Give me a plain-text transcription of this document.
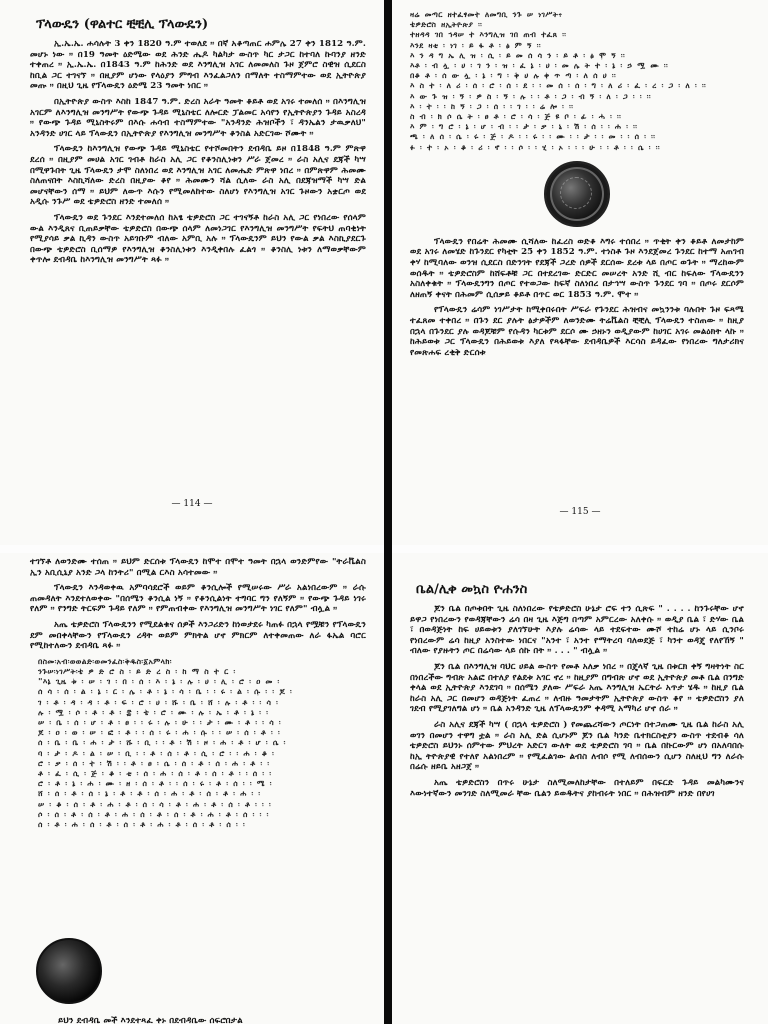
ፕላውዴን (ዋልተር ቺቺሊ ፕላውዴን)

ኢ.ኤ.ኤ. ሐሳሉት 3 ቀን 1820 ዓ.ም ተወለደ ። በኛ አቆጣጠር ሐምሌ 27 ቀን 1812 ዓ.ም. መሆኑ ነው ። በ19 ዓመት ዕድሜው ወደ ሕንድ ሔዶ ካልካታ ውስጥ ካር ታጋር ከተባለ ኩባንያ ዘንድ ተቀጠረ ። ኢ.ኤ.ኤ. በ1843 ዓ.ም ከሕንድ ወደ እንግሊዝ አገር ለመመለስ ጉዞ ጀምሮ ስዊዝ ሲደርስ ከቢል ጋር ተገናኘ ። በዚያም ሆነው የላዕያን ምግብ እንፈልጋለን በማለት ተስማምተው ወደ ኢትዮጵያ መጡ ። በዚህ ጊዜ የፕላውዴን ዕድሜ 23 ዓመት ነበር ።

በኢትዮጵያ ውስጥ እስከ 1847 ዓ.ም. ድረስ አራት ዓመት ቆይቶ ወደ አገሩ ተመለሰ ። በእንግሊዝ አገርም ለእንግሊዝ መንግሥት የውጭ ጉዳይ ሚኒስቴር ለሎርድ ፓልመር አሳየን የኢትዮጵያን ጉዳይ አስረዳ ። የውጭ ጉዳይ ሚኒስትሩም በእሱ ሐሳብ ተስማምተው "አንዳንድ ሕዝቦችን ፣ ዳንኤልን ታዉቃለህ" አንዳንድ ሀገር ላይ ፕላውዴን በኢትዮጵያ የእንግሊዝ መንግሥት ቆንስል አድርገው ሾሙት ።

ፕላውዴን ከእንግሊዝ የውጭ ጉዳይ ሚኒስቴር የተሾመበትን ደብዳቤ ይዞ በ1848 ዓ.ም ምጽዋ ደረሰ ። በዚያም መሀል አገር ገብቶ ከራስ አሊ ጋር የቆንስሊነቱን ሥራ ጀመረ ። ራስ አሊና ደጃች ካሣ በሚዋጉበት ጊዜ ፕላውዴን ታሞ ስለነበረ ወደ እንግሊዝ አገር ለመሔድ ምጽዋ ነበረ ። በምጽዋም ሕመሙ ስለጠናበት እስኪሻለው ድረስ በዚያው ቆየ ። ሕመሙን ሻል ሲለው ራስ አሊ በደጃዝማች ካሣ ድል መሆናቸውን ሰማ ። ይህም ለውጥ እሱን የሚመለከተው ስለሆነ የእንግሊዝ አገር ጉዞውን አቋርጦ ወደ አዲሱ ንጉሥ ወደ ቴዎድሮስ ዘንድ ተመለሰ ።

ፕላውዴን ወደ ጉንደር እንደተመለሰ ከአፄ ቴዎድሮስ ጋር ተገናኝቶ ከራስ አሊ ጋር የነበረው የሰላም ውል እንዲጸና ቢጠይቃቸው ቴዎድሮስ በውጭ ሰላም ለመነጋገር የእንግሊዝ መንግሥት የፍትህ ጠባቂነት የሚያሳይ ቃል ኪዳን ውስጥ አይገቡም ብለው አምቢ አሉ ። ፕላውዴንም ይህን የውል ቃል እስኪያደርጉ በውጭ ቴዎድሮስ ቢሰማዎ የእንግሊዝ ቆንስሊነቱን እንዲቀበሉ ፈልጎ ። ቆንስሊ ነቱን ለማወቃቸውም ቀጥሎ ደብዳቤ ከእንግሊዝ መንግሥት ጻፉ ።

— 114 —
ዛሬ መጣር ዘተፈፃመተ ለመግቢ ንጉ ሠ ነገሥት፥
ቴዎድሮስ ዘኢትዮጵያ ፡፡
ተዘዳዳ ገበ ኅዳሠ ተ እንግሊዝ ገበ ጠብ ተፈጸ ፡፡
እንደ ዛቲ ፡ ነገ ፡ ይ ፋ ቶ ፡ ፅ ም ኝ ፡፡
እ ን ዳ ግ ኤ ሊ ዝ ፡ ሲ ፡ ይ መ ሰ ሳ ን ፡ ይ ቶ ፡ ፅ ሞ ኝ ፡፡
እቶ ፡ ብ ሏ ፡ ሀ ፡ ገ ን ፡ ዝ ፡ ፈ ኔ ፡ ሀ ፡ መ ሌ ት ተ ፡ ኔ ፡ ኃ ሟ ሙ ፡፡
በቆ ቶ ፡ ሰ ው ሏ ፡ ኔ ፡ ግ ፡ ቅ ሀ ሉ ቀ ጥ ጣ ፡ ለ ሰ ሀ ፡፡
እ ስ ተ ፡ ለ ሪ ፡ ሰ ፡ ሮ ፡ ሰ ፡ ደ ፡ ፡ መ ሰ ፡ ሰ ፡ ግ ፡ ለ ሪ ፡ ፈ ፡ ረ ፡ ጋ ፡ ለ ፡ ፡፡
እ ው ጉ ዝ ፡ ኝ ፡ ዎ ስ ፡ ኝ ፡ ሉ ፡ ፡ ቶ ፡ ጋ ፡ ብ ኝ ፡ ለ ፡ ጋ ፡ ፡ ፡፡
እ ፡ ተ ፡ ፡ ከ ኝ ፡ ጋ ፡ ሰ ፡ ፡ ገ ፡ ፡ ሬ ሎ ፡ ፡፡
ስ ብ ፡ ክ ሶ ሴ ት ፡ ፀ ቶ ፡ ሮ ፡ ሳ ፡ ጅ ዩ ቦ ፡ ፊ ፡ ሓ ፡ ፡፡
እ ም ፡ ግ ሮ ፡ ኔ ፡ ሆ ፡ ብ ፡ ፡ ታ ፡ ቃ ፡ ኒ ፡ ሽ ፡ ሰ ፡ ፡ ሐ ፡ ፡፡
ጫ ፡ ለ ሰ ፡ ሴ ፡ ሩ ፡ ጅ ፡ ዶ ፡ ፡ ሩ ፡ ፡ ሙ ፡ ፡ ታ ፡ ፡ መ ፡ ፡ ሰ ፡ ፡፡
ፉ ፡ ተ ፡ ኦ ፡ ቆ ፡ ሪ ፡ ኖ ፡ ፡ ሶ ፡ ፡ ሂ ፡ ኦ ፡ ፡ ፡ ሁ ፡ ፡ ቶ ፡ ፡ ሴ ፡ ፡፡

ፕላውዴን የበሬት ሕመሙ ሲሻለው ከፈረስ ወድቆ እግሩ ተሰበረ ። ጥቂት ቀን ቆይቶ ለመታከም ወደ አገሩ ለመሄድ ከጉንደር የካቲት 25 ቀን 1852 ዓ.ም. ተነስቶ ጉዞ እንደጀመረ ጉንደር ከተማ አጠገብ ቀሃ ከሚባለው ወንዝ ሲደርስ በድንገት የደጃች ጋረድ ሰዎች ደርሰው ደረቱ ላይ በጦር ወጉት ። ማረከውም ወሰዱት ። ቴዎድሮስም ከሸፍቶቹ ጋር በተደረገው ድርድር መሠረት አንድ ሺ ብር ከፍለው ፕላውዴንን አስለቀቁት ። ፕላውዴንግን በጦር የተወጋው ከፍኛ ስለነበረ በታኅሣ ውስጥ ጉንደር ገባ ። በጦሩ ደርሶም ለዘጠኝ ቀናት በሕመም ሲሰቃይ ቆይቶ በጥር ወር 1853 ዓ.ም. ሞተ ።

የፕላውዴን ሬሳም ነገሥታት ከሚቀበሩበት ሥፍራ የጉንደር ሕዝብና መኳንንቱ ባሉበት ጉዞ ፍጻሜ ተፈጸመ ተቀበረ ። በጉን ደር ያሉት ፅታዎችም ለወንድሙ ትሬቬልስ ቺቺሊ ፕላውዴን ተስጠው ። ከዚያ በኋላ በጉንደር ያሉ ወዳጆቹም የሱዳን ካርቱም ደርሶ ሙ ኃዘኑን ወዲያውም ከሀገር አገሩ መልዕክት ላኩ ። ከሕይወቱ ጋር ፕላውዴን በሕይወቱ እያለ የጻፋቸው ደብዳቤዎች እርሳስ ይዳፈው የነበረው ግለታሪክና የመጽሐፍ ረቂቅ ድርሰቱ

— 115 —

ተገኘቶ ለወንድሙ ተሰጠ ። ይህም ድርሰቱ ፕላውዴን ከሞተ በሞተ ዓመት በኋላ ወንድምየው "ትራቬልስ ኢን አቢሲኒያ አንድ ጋላ ከንትሪ" በሚል ርእስ አሳተመው ።

ፕላውዴን እንዳወቀዉ አምባሳደሮች ወይም ቆንሲሎች የሚሠሩው ሥራ አልነበረውም ። ራሱ ጠመዳለት እንደተለወቀው "በሰሜን ቆንሲል ነኝ ። የቆንሲልነት ተግባር ግን የለኝም ። የውጭ ጉዳይ ነገሩ የለም ። የንግድ ትርፍም ጉዳይ የለም ። የምጠብቀው የእንግሊዝ መንግሥት ነገር የለም" ብሏል ።

አጤ ቴዎድሮስ ፕላውዴንን የሚደልቁና ሰዎች እንጋሪድን ከነወታደሩ ካጠፉ በኋላ የሟቹን የፕላውዴን ደም መበቀላቸውን የፕላውዴን ረዳት ወይም ምክትል ሆኖ ምክርም ለተቀመጠው ለራ ፋኤል ባሮር የሚከተለውን ደብዳቤ ጻፉ ።

በስመ፡አብ፡ወወልድ፡ወመንፈስ፡ቅዱስ፡፩አምላክ፡
ንጉሠ፡ነገሥት፡ቴ ዎ ድ ሮ ስ ፡ ይ ድ ረ ስ ፡ ከ ማ ስ ተ ር ፡
"እኔ ጊዜ ቱ ፡ ሠ ፡ ገ ፡ በ ፡ ሰ ፡ እ ፡ ኔ ፡ ሉ ፡ ሀ ፡ ሊ ፡ ሮ ፡ ዐ መ ፡
ሰ ሳ ፡ ሰ ፡ ል ፡ ኔ ፡ ር ፡ ሌ ፡ ቶ ፡ ኔ ፡ ሳ ፡ ቤ ፡ ፡ ሩ ፡ ል ፡ ሱ ፡ ፡ ጆ ፡
ገ ፡ ቶ ፡ ዳ ፡ ዳ ፡ ቶ ፡ ፍ ፡ ሮ ፡ ሀ ፡ ሹ ፡ ቤ ፡ ሸ ፡ ሉ ፡ ቶ ፡ ፡ ሳ ፡
ሉ ፡ ሟ ፡ ሶ ፡ ቶ ፡ ቶ ፡ ፰ ፡ ቴ ፡ ሮ ፡ ሙ ፡ ሉ ፡ ኤ ፡ ቶ ፡ ኔ ፡ ፡
ሠ ፡ ቤ ፡ ሰ ፡ ሆ ፡ ቶ ፡ ፀ ፡ ፡ ሩ ፡ ሉ ፡ ሁ ፡ ፡ ታ ፡ ሙ ፡ ቶ ፡ ፡ ሳ ፡
ጆ ፡ ዐ ፡ ወ ፡ ሠ ፡ ፎ ፡ ቶ ፡ ፡ ሰ ፡ ሩ ፡ ሐ ፡ ሱ ፡ ፡ ሠ ፡ ሰ ፡ ቶ ፡ ፡
ሰ ፡ ቤ ፡ ቤ ፡ ሐ ፡ ታ ፡ ሹ ፡ ቢ ፡ ፡ ቶ ፡ ሽ ፡ ዞ ፡ ሐ ፡ ቶ ፡ ሆ ፡ ሴ ፡
ባ ፡ ታ ፡ ዶ ፡ ል ፡ ሠ ፡ ቢ ፡ ፡ ቶ ፡ ሰ ፡ ቶ ፡ ሲ ፡ ሮ ፡ ፡ ሐ ፡ ቆ ፡
ሮ ፡ ቃ ፡ ሰ ፡ ተ ፡ ሽ ፡ ፡ ቶ ፡ ፀ ፡ ሴ ፡ ሰ ፡ ቶ ፡ ሰ ፡ ሐ ፡ ቶ ፡ ፡
ቶ ፡ ፈ ፡ ሲ ፡ ጅ ፡ ቆ ፡ ቲ ፡ ሰ ፡ ሐ ፡ ሰ ፡ ቶ ፡ ሰ ፡ ቶ ፡ ፡ ሰ ፡ ፡
ሮ ፡ ቶ ፡ ኔ ፡ ሐ ፡ ሙ ፡ ዘ ፡ ሰ ፡ ቶ ፡ ፡ ሰ ፡ ሩ ፡ ቶ ፡ ሰ ፡ ፡ ሜ ፡
ሸ ፡ ሰ ፡ ቶ ፡ ሰ ፡ ኔ ፡ ቶ ፡ ቶ ፡ ሰ ፡ ሐ ፡ ቶ ፡ ሰ ፡ ቶ ፡ ሐ ፡ ፡
ሠ ፡ ቆ ፡ ሰ ፡ ቶ ፡ ሐ ፡ ቶ ፡ ሰ ፡ ሳ ፡ ቶ ፡ ሐ ፡ ቶ ፡ ሰ ፡ ቶ ፡ ፡ ፡
ሶ ፡ ሰ ፡ ቶ ፡ ሰ ፡ ቶ ፡ ሐ ፡ ሰ ፡ ቶ ፡ ሰ ፡ ቶ ፡ ሐ ፡ ቶ ፡ ሰ ፡ ፡ ፡
ሰ ፡ ቶ ፡ ሐ ፡ ሰ ፡ ቶ ፡ ሰ ፡ ቶ ፡ ሐ ፡ ቶ ፡ ሰ ፡ ቶ ፡ ሰ ፡ ፡
ይህን ደብዳቤ መች እንደተጻፈ ቀኑ በደብዳቤው ሰፍሮበታል
ቤል/ሊቀ መኳስ ዮሐንስ

ጆን ቤል በጦቱበት ጊዜ ስለነበረው የቴዎድሮስ ሁኔታ ሮፍ ተን ሲጽፍ " . . . . ከንጉሩቸው ሆኖ ይዋጋ የነበረውን የወዳጃቸውን ሬሳ በዛ ጊዜ እጅግ በጣም አምርረው አለቀሱ ። ወዲያ ቤል ፣ ድሃው ቤል ፣ በወዳጅነት ከፍ ሀይወቱን ያለገኘሁት እያሉ ሬሳው ላይ ተደፍተው ሙሾ ተከሬ ሆኑ ላይ ሲንቦሩ የነበረውም ሬሳ ከዚያ አንስተው ነበርና "አንተ ፣ አንተ የማትረባ ባለወደጅ ፣ ካንተ ወዳጄ የለየኸኝ " ብለው የያዙትን ጦር በሬሳው ላይ ሰኩ በት ። . . . " ብሏል ።

ጆን ቤል በእንግሊዝ ባህር ሀይል ውስጥ የመቶ አለቃ ነበረ ። በጄላኛ ጊዜ በቱርክ ቀኝ ግዛትነት ስር በነበረችው ግብጽ አልፎ በተለያ የልደቱ አገር ኖረ ። ከዚያም በግብጽ ሆኖ ወደ ኢትዮጵያ መቶ ቤል በንግድ ቀላል ወደ ኢትዮጵያ እንደገባ ። በሰሜን ያለው ሥፍራ አጤ እንግሊዝ ኤርትራ አጥታ ሄዱ ። ከዚያ ቤል ከራስ አሊ ጋር በመሆን ወዳጅነት ፈጠረ ። ለብዙ ዓመታትም ኢትዮጵያ ውስጥ ቆየ ። ቴዎድሮስን ያለ ገደብ የሚያገለግል ሆነ ። ቤል አንዳንድ ጊዜ ለፕላውዴንም ቀዳሚ አማካሪ ሆኖ ሰራ ።

ራስ አሊና ደጃች ካሣ ( በኋላ ቴዎድሮስ ) የመጨረሻውን ጦርነት በተጋጠሙ ጊዜ ቤል ከራስ አሊ ወገን በመሆን ተዋግ ቷል ። ራስ አሊ ድል ሲሆኑም ጆን ቤል ካንድ ቤተክርስቲያን ውስጥ ተደብቆ ሳለ ቴዎድሮስ ይህንኑ ሰምተው ምህረት አድርገ ውለት ወደ ቴዎድሮስ ገባ ። ቤል በኩርውም ሆነ በአለባበሱ ከኢ ትዮጵያዊ የተለየ አልነበረም ። የሚፈልገው ልብስ ለብሶ የሚ ለብሰውን ሲሆን ስለዚህ ግን ለራሱ በሬሱ ዘይቤ አዘጋጀ ።

አጤ ቴዎድሮስን በጥሩ ሁኔታ ስለሚመለከታቸው በተለይም በፍርድ ጉዳይ መልካሙንና እውነተኛውን መንገድ ስለሚመራ ቸው ቤልን ይወዱትና ያከብሩት ነበር ። በሕዝብም ዘንድ በየሀገ
